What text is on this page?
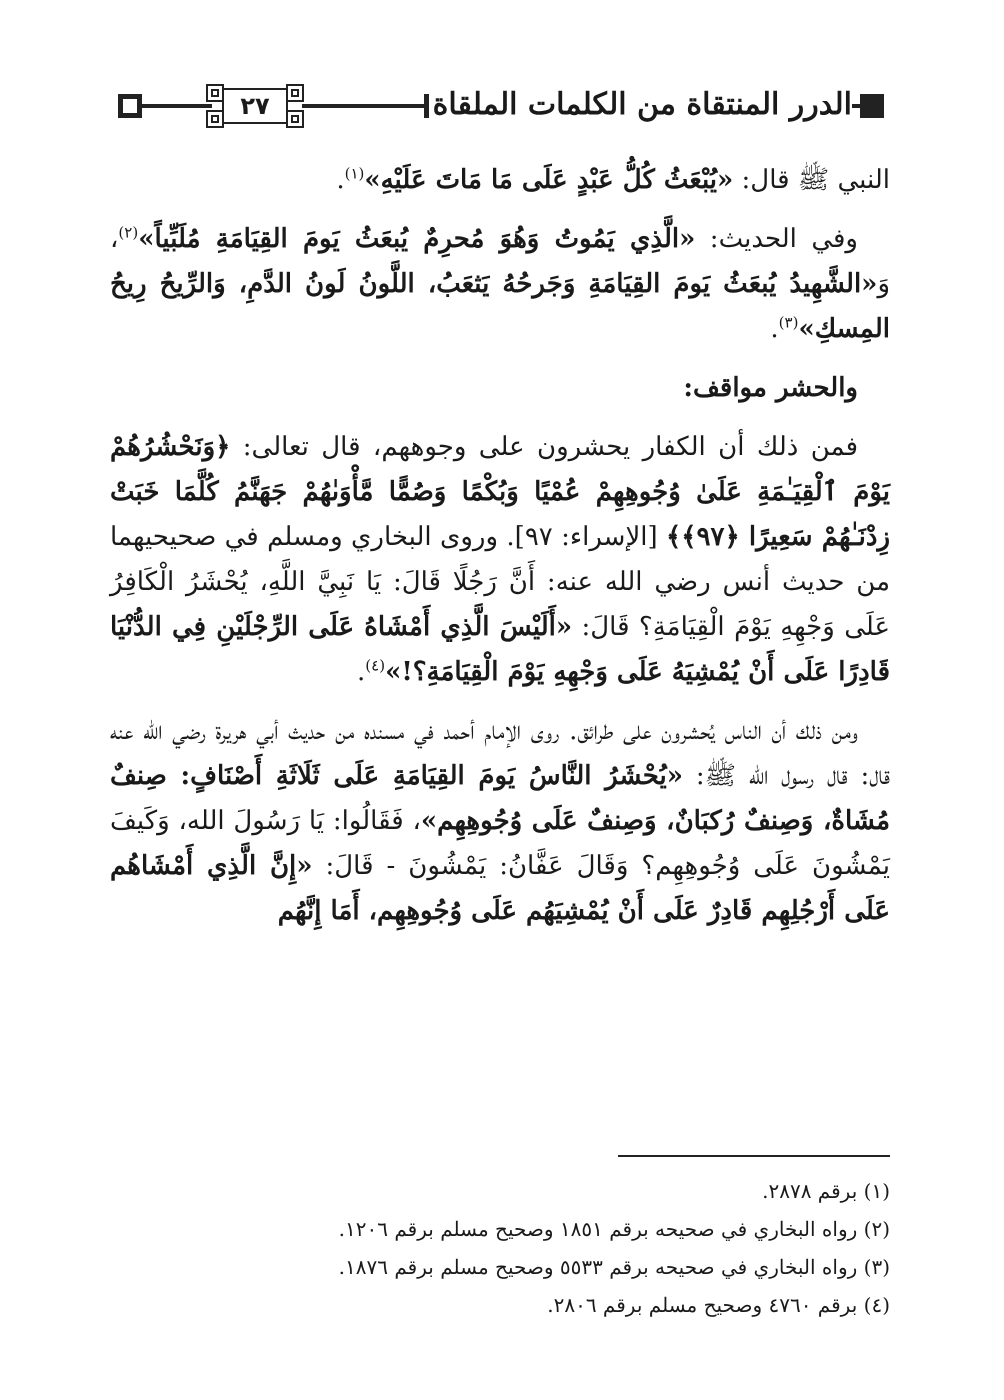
٢٧	الدرر المنتقاة من الكلمات الملقاة

النبي ﷺ قال: «يُبْعَثُ كُلُّ عَبْدٍ عَلَى مَا مَاتَ عَلَيْهِ»$^{(١)}$.

وفي الحديث: «الَّذِي يَمُوتُ وَهُوَ مُحرِمٌ يُبعَثُ يَومَ القِيَامَةِ مُلَبِّياً»$^{(٢)}$، وَ«الشَّهِيدُ يُبعَثُ يَومَ القِيَامَةِ وَجَرحُهُ يَثعَبُ، اللَّونُ لَونُ الدَّمِ، وَالرِّيحُ رِيحُ المِسكِ»$^{(٣)}$.

والحشر مواقف:

فمن ذلك أن الكفار يحشرون على وجوههم، قال تعالى: ﴿وَنَحْشُرُهُمْ يَوْمَ ٱلْقِيَـٰمَةِ عَلَىٰ وُجُوهِهِمْ عُمْيًا وَبُكْمًا وَصُمًّا مَّأْوَىٰهُمْ جَهَنَّمُ كُلَّمَا خَبَتْ زِدْنَـٰهُمْ سَعِيرًا ﴿٩٧﴾﴾ [الإسراء: ٩٧]. وروى البخاري ومسلم في صحيحيهما من حديث أنس رضي الله عنه: أَنَّ رَجُلًا قَالَ: يَا نَبِيَّ اللَّهِ، يُحْشَرُ الْكَافِرُ عَلَى وَجْهِهِ يَوْمَ الْقِيَامَةِ؟ قَالَ: «أَلَيْسَ الَّذِي أَمْشَاهُ عَلَى الرِّجْلَيْنِ فِي الدُّنْيَا قَادِرًا عَلَى أَنْ يُمْشِيَهُ عَلَى وَجْهِهِ يَوْمَ الْقِيَامَةِ؟!»$^{(٤)}$.

ومن ذلك أن الناس يُحشرون على طرائق. روى الإمام أحمد في مسنده من حديث أبي هريرة رضي الله عنه قال: قال رسول الله ﷺ: «يُحْشَرُ النَّاسُ يَومَ القِيَامَةِ عَلَى ثَلَاثَةِ أَصْنَافٍ: صِنفٌ مُشَاةٌ، وَصِنفٌ رُكبَانٌ، وَصِنفٌ عَلَى وُجُوهِهِم»، فَقَالُوا: يَا رَسُولَ الله، وَكَيفَ يَمْشُونَ عَلَى وُجُوهِهِم؟ وَقَالَ عَفَّانُ: يَمْشُونَ - قَالَ: «إِنَّ الَّذِي أَمْشَاهُم عَلَى أَرْجُلِهِم قَادِرٌ عَلَى أَنْ يُمْشِيَهُم عَلَى وُجُوهِهِم، أَمَا إِنَّهُم

(١) برقم ٢٨٧٨.
(٢) رواه البخاري في صحيحه برقم ١٨٥١ وصحيح مسلم برقم ١٢٠٦.
(٣) رواه البخاري في صحيحه برقم ٥٥٣٣ وصحيح مسلم برقم ١٨٧٦.
(٤) برقم ٤٧٦٠ وصحيح مسلم برقم ٢٨٠٦.
